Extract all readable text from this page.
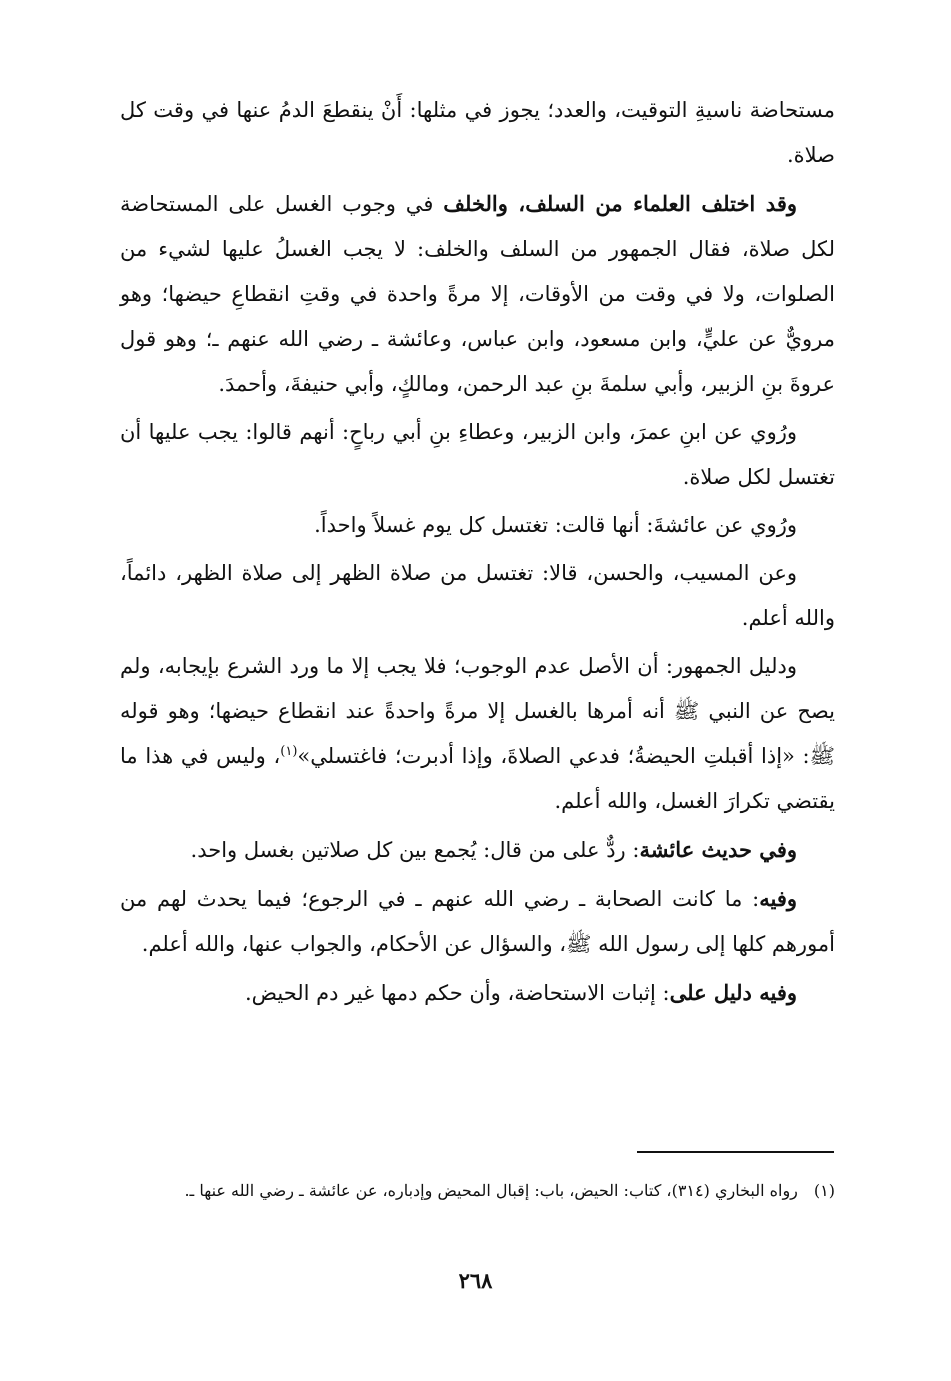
مستحاضة ناسيةِ التوقيت، والعدد؛ يجوز في مثلها: أَنْ ينقطعَ الدمُ عنها في وقت كل صلاة.

وقد اختلف العلماء من السلف، والخلف في وجوب الغسل على المستحاضة لكل صلاة، فقال الجمهور من السلف والخلف: لا يجب الغسلُ عليها لشيء من الصلوات، ولا في وقت من الأوقات، إلا مرةً واحدة في وقتِ انقطاعِ حيضها؛ وهو مرويٌّ عن عليٍّ، وابن مسعود، وابن عباس، وعائشة ـ رضي الله عنهم ـ؛ وهو قول عروةَ بنِ الزبير، وأبي سلمةَ بنِ عبد الرحمن، ومالكٍ، وأبي حنيفةَ، وأحمدَ.

ورُوي عن ابنِ عمرَ، وابن الزبير، وعطاءِ بنِ أبي رباحٍ: أنهم قالوا: يجب عليها أن تغتسل لكل صلاة.

ورُوي عن عائشةَ: أنها قالت: تغتسل كل يوم غسلاً واحداً.

وعن المسيب، والحسن، قالا: تغتسل من صلاة الظهر إلى صلاة الظهر، دائماً، والله أعلم.

ودليل الجمهور: أن الأصل عدم الوجوب؛ فلا يجب إلا ما ورد الشرع بإيجابه، ولم يصح عن النبي ﷺ أنه أمرها بالغسل إلا مرةً واحدةً عند انقطاع حيضها؛ وهو قوله ﷺ: «إذا أقبلتِ الحيضةُ؛ فدعي الصلاةَ، وإذا أدبرت؛ فاغتسلي»$^{(١)}$، وليس في هذا ما يقتضي تكرارَ الغسل، والله أعلم.

وفي حديث عائشة: ردٌّ على من قال: يُجمع بين كل صلاتين بغسل واحد.

وفيه: ما كانت الصحابة ـ رضي الله عنهم ـ في الرجوع؛ فيما يحدث لهم من أمورهم كلها إلى رسول الله ﷺ، والسؤال عن الأحكام، والجواب عنها، والله أعلم.

وفيه دليل على: إثبات الاستحاضة، وأن حكم دمها غير دم الحيض.

(١)
رواه البخاري (٣١٤)، كتاب: الحيض، باب: إقبال المحيض وإدباره، عن عائشة ـ رضي الله عنها ـ.
٢٦٨
